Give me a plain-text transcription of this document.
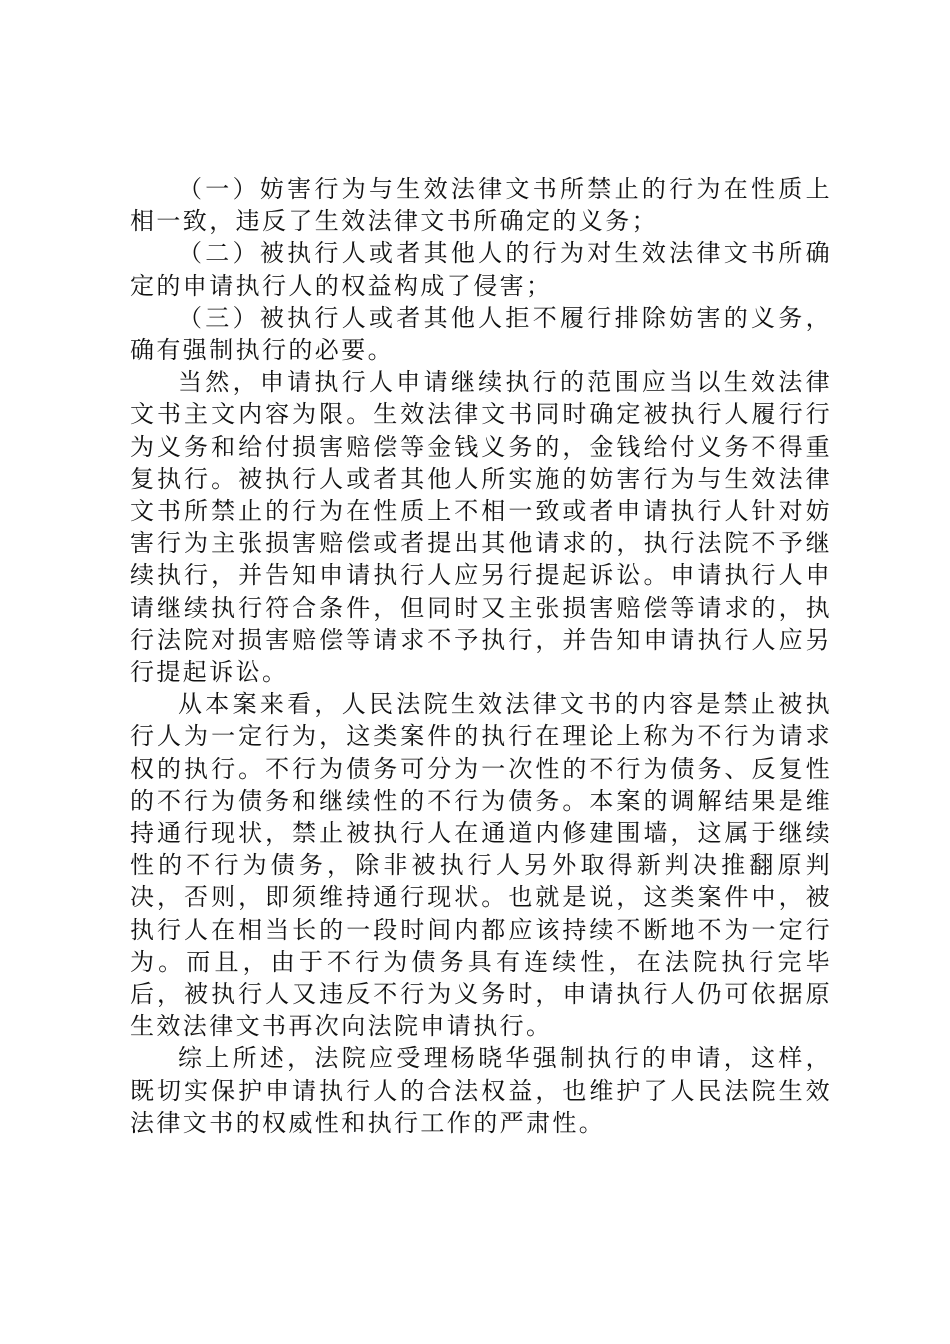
（一）妨害行为与生效法律文书所禁止的行为在性质上相一致，违反了生效法律文书所确定的义务；

（二）被执行人或者其他人的行为对生效法律文书所确定的申请执行人的权益构成了侵害；

（三）被执行人或者其他人拒不履行排除妨害的义务，确有强制执行的必要。

当然，申请执行人申请继续执行的范围应当以生效法律文书主文内容为限。生效法律文书同时确定被执行人履行行为义务和给付损害赔偿等金钱义务的，金钱给付义务不得重复执行。被执行人或者其他人所实施的妨害行为与生效法律文书所禁止的行为在性质上不相一致或者申请执行人针对妨害行为主张损害赔偿或者提出其他请求的，执行法院不予继续执行，并告知申请执行人应另行提起诉讼。申请执行人申请继续执行符合条件，但同时又主张损害赔偿等请求的，执行法院对损害赔偿等请求不予执行，并告知申请执行人应另行提起诉讼。

从本案来看，人民法院生效法律文书的内容是禁止被执行人为一定行为，这类案件的执行在理论上称为不行为请求权的执行。不行为债务可分为一次性的不行为债务、反复性的不行为债务和继续性的不行为债务。本案的调解结果是维持通行现状，禁止被执行人在通道内修建围墙，这属于继续性的不行为债务，除非被执行人另外取得新判决推翻原判决，否则，即须维持通行现状。也就是说，这类案件中，被执行人在相当长的一段时间内都应该持续不断地不为一定行为。而且，由于不行为债务具有连续性，在法院执行完毕后，被执行人又违反不行为义务时，申请执行人仍可依据原生效法律文书再次向法院申请执行。

综上所述，法院应受理杨晓华强制执行的申请，这样，既切实保护申请执行人的合法权益，也维护了人民法院生效法律文书的权威性和执行工作的严肃性。
